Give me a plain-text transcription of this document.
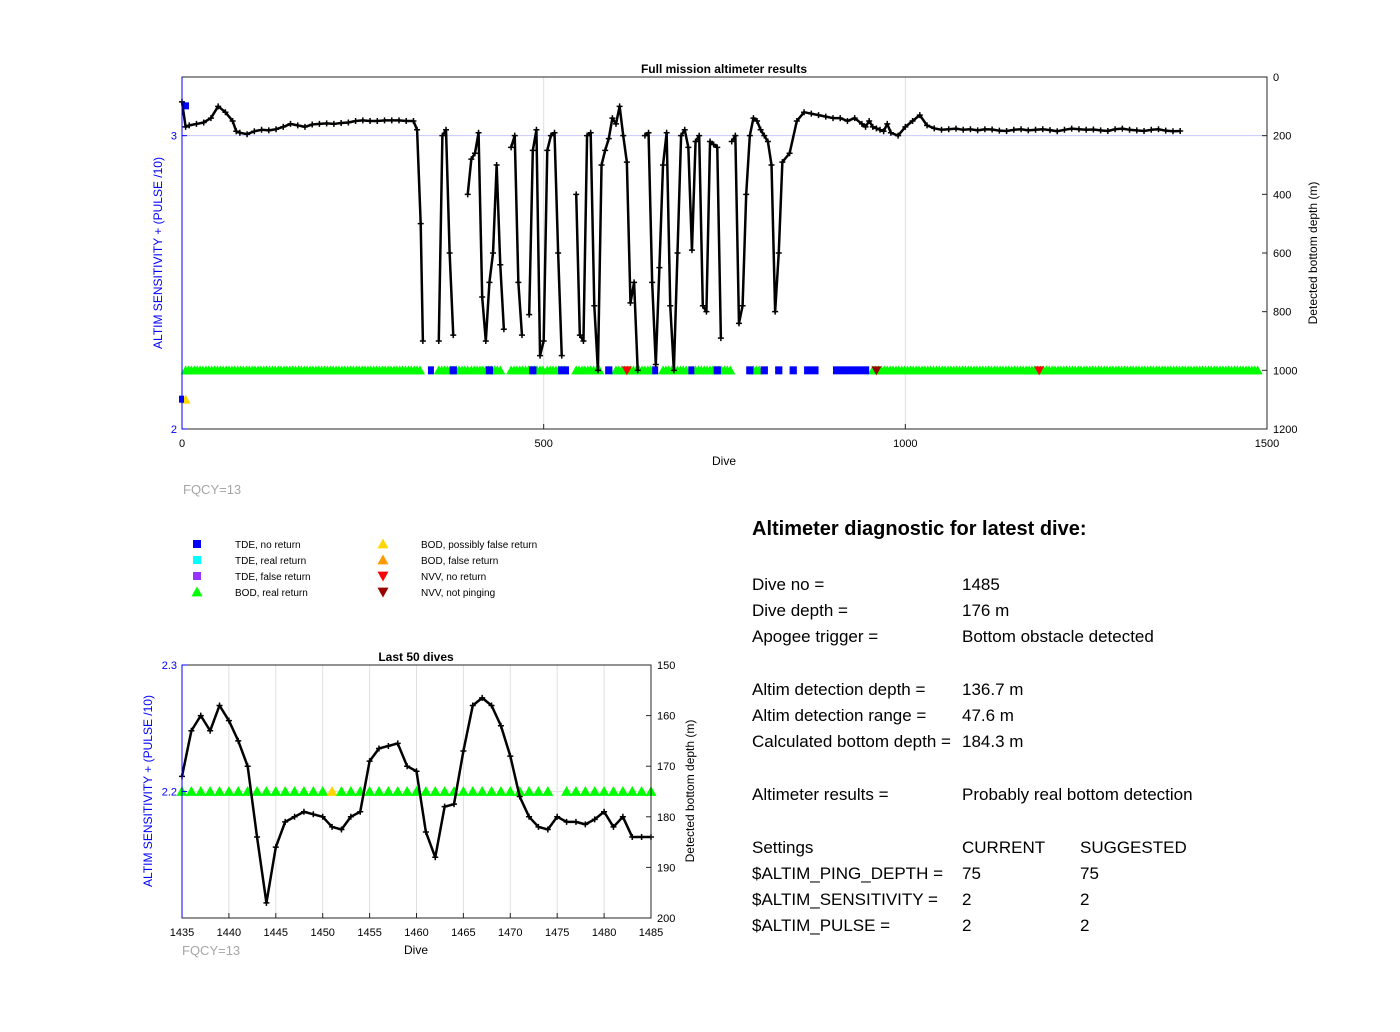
0	500	1000	1500
2
3
0
200
400
600
800
1000
1200
Full mission altimeter results
Dive
ALTIM SENSITIVITY + (PULSE /10)	Detected bottom depth (m)
FQCY=13
TDE, no return
TDE, real return
TDE, false return
BOD, real return
BOD, possibly false return
BOD, false return
NVV, no return
NVV, not pinging
1435 1440 1445 1450 1455 1460 1465 1470 1475 1480 1485
2.2
2.3	150
160
170
180
190
200
Last 50 dives
Dive
ALTIM SENSITIVITY + (PULSE /10)	Detected bottom depth (m)
FQCY=13
Altimeter diagnostic for latest dive:
Dive no =	1485
Dive depth =	176 m
Apogee trigger =	Bottom obstacle detected
Altim detection depth = 136.7 m
Altim detection range = 47.6 m
Calculated bottom depth = 184.3 m
Altimeter results =	Probably real bottom detection
Settings	CURRENT SUGGESTED
$ALTIM_PING_DEPTH = 75	75
$ALTIM_SENSITIVITY = 2	2
$ALTIM_PULSE =	2	2
